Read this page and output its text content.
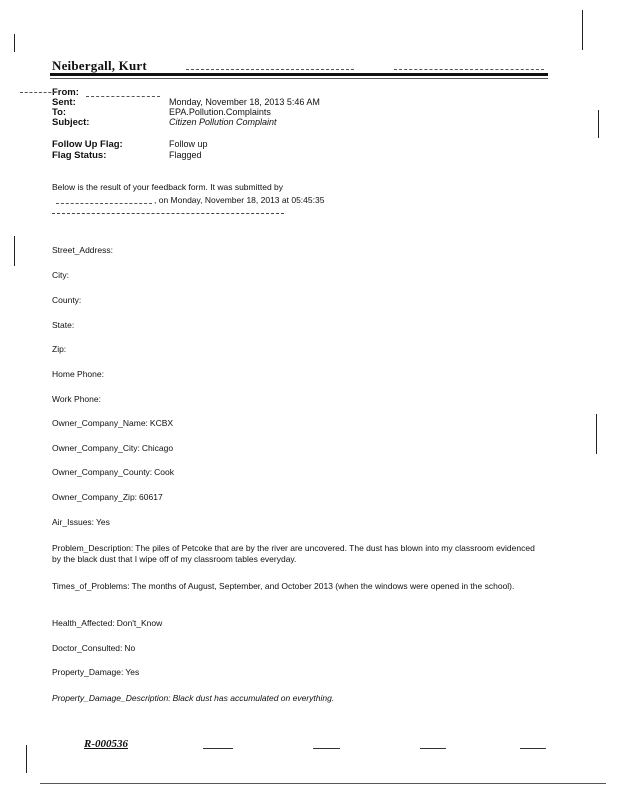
Neibergall, Kurt
From:
Sent:	Monday, November 18, 2013 5:46 AM
To:	EPA.Pollution.Complaints
Subject:	Citizen Pollution Complaint
Follow Up Flag:	Follow up
Flag Status:	Flagged
Below is the result of your feedback form. It was submitted by
, on Monday, November 18, 2013 at 05:45:35
Street_Address:
City:
County:
State:
Zip:
Home Phone:
Work Phone:
Owner_Company_Name: KCBX
Owner_Company_City: Chicago
Owner_Company_County: Cook
Owner_Company_Zip: 60617
Air_Issues: Yes
Problem_Description: The piles of Petcoke that are by the river are uncovered. The dust has blown into my classroom evidenced by the black dust that I wipe off of my classroom tables everyday.
Times_of_Problems: The months of August, September, and October 2013 (when the windows were opened in the school).
Health_Affected: Don't_Know
Doctor_Consulted: No
Property_Damage: Yes
Property_Damage_Description: Black dust has accumulated on everything.
R-000536
